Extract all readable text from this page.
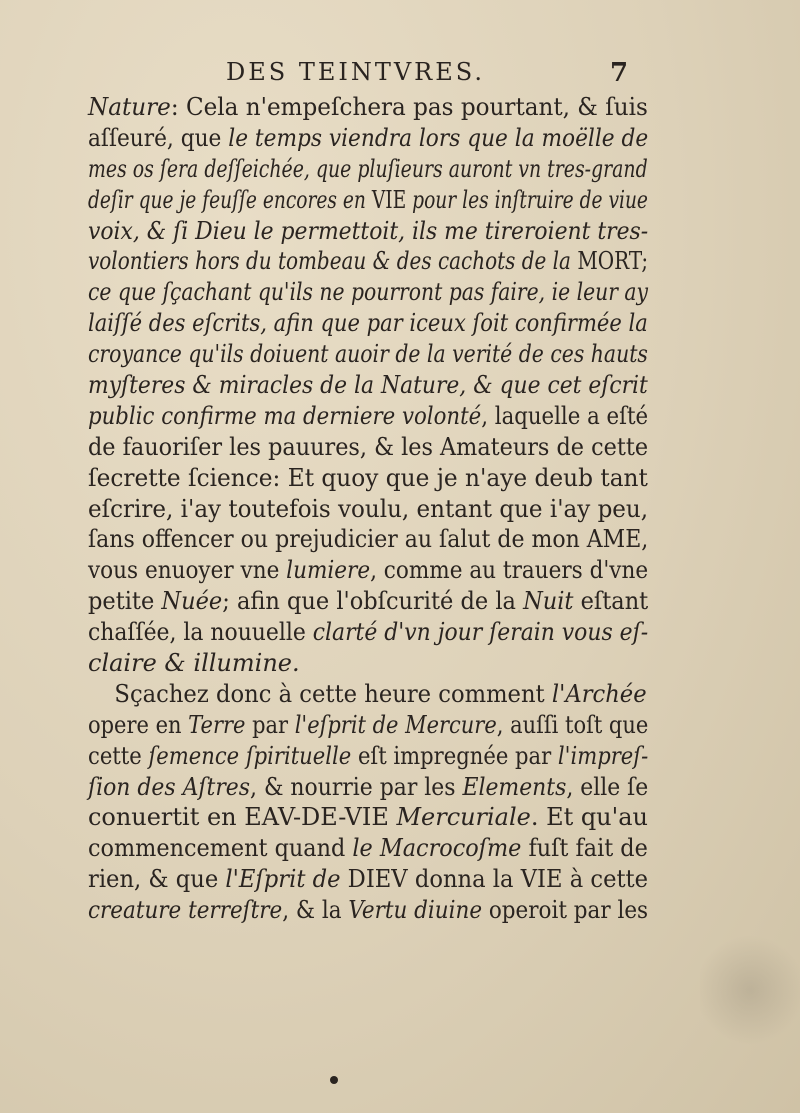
DES TEINTVRES.	7
Nature: Cela n'empeſchera pas pourtant, & ſuis
aſſeuré, que le temps viendra lors que la moëlle de
mes os ſera deſſeichée, que pluſieurs auront vn tres-grand
deſir que je feuſſe encores en VIE pour les inſtruire de viue
voix, & ſi Dieu le permettoit, ils me tireroient tres-
volontiers hors du tombeau & des cachots de la MORT;
ce que ſçachant qu'ils ne pourront pas faire, ie leur ay
laiſſé des eſcrits, afin que par iceux ſoit confirmée la
croyance qu'ils doiuent auoir de la verité de ces hauts
myſteres & miracles de la Nature, & que cet eſcrit
public confirme ma derniere volonté, laquelle a eſté
de fauoriſer les pauures, & les Amateurs de cette
ſecrette ſcience: Et quoy que je n'aye deub tant
eſcrire, i'ay toutefois voulu, entant que i'ay peu,
ſans offencer ou prejudicier au ſalut de mon AME,
vous enuoyer vne lumiere, comme au trauers d'vne
petite Nuée; afin que l'obſcurité de la Nuit eſtant
chaſſée, la nouuelle clarté d'vn jour ſerain vous eſ-
claire & illumine.
Sçachez donc à cette heure comment l'Archée
opere en Terre par l'eſprit de Mercure, auſſi toſt que
cette ſemence ſpirituelle eſt impregnée par l'impreſ-
ſion des Aſtres, & nourrie par les Elements, elle ſe
conuertit en EAV-DE-VIE Mercuriale. Et qu'au
commencement quand le Macrocoſme fuſt fait de
rien, & que l'Eſprit de DIEV donna la VIE à cette
creature terreſtre, & la Vertu diuine operoit par les
